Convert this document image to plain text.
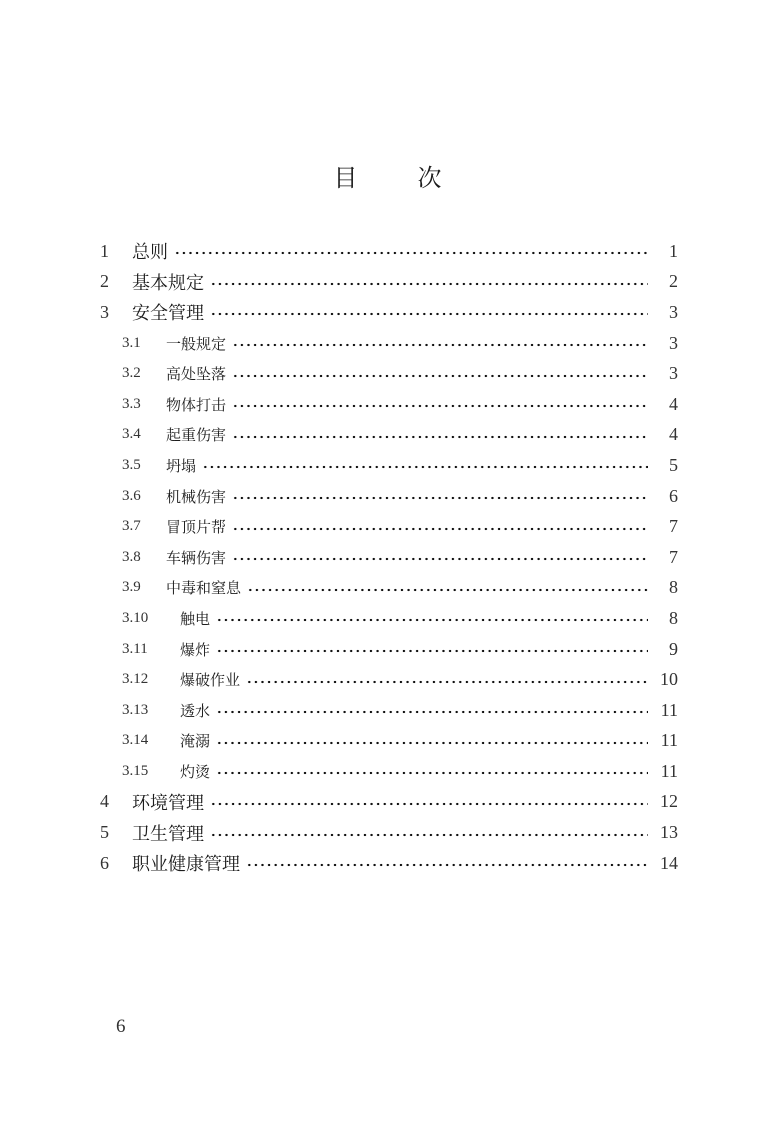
目	次
1	总则	1
2	基本规定	2
3	安全管理	3
3.1	一般规定	3
3.2	高处坠落	3
3.3	物体打击	4
3.4	起重伤害	4
3.5	坍塌	5
3.6	机械伤害	6
3.7	冒顶片帮	7
3.8	车辆伤害	7
3.9	中毒和窒息	8
3.10	触电	8
3.11	爆炸	9
3.12	爆破作业	10
3.13	透水	11
3.14	淹溺	11
3.15	灼烫	11
4	环境管理	12
5	卫生管理	13
6	职业健康管理	14
6
